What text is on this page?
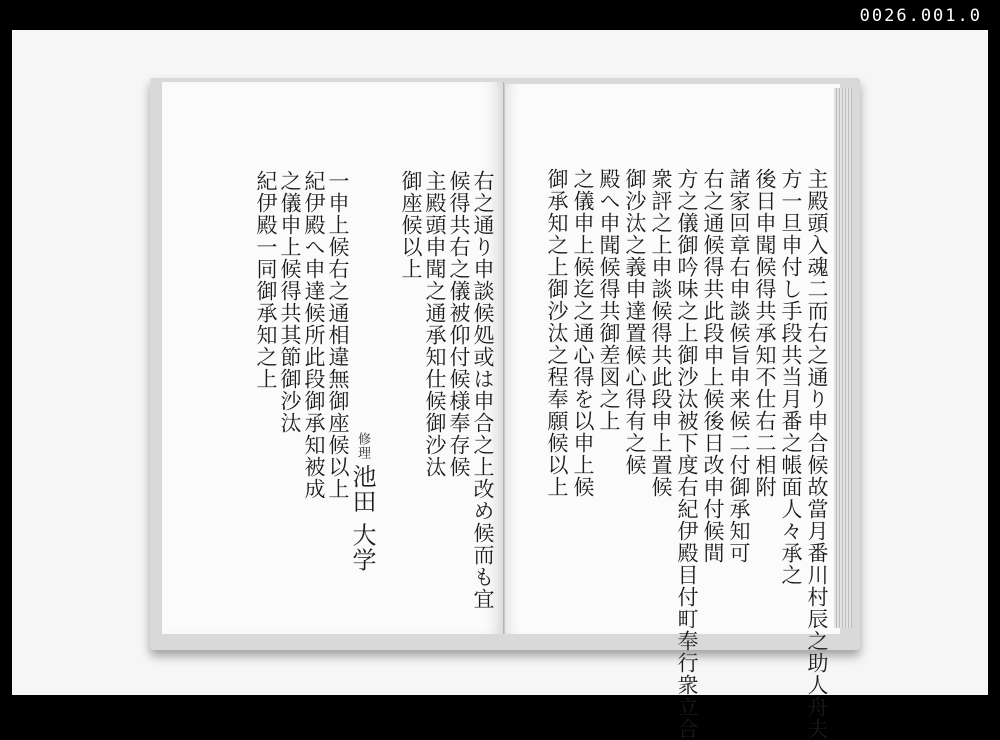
0026.001.0
主殿頭入魂二而右之通り申合候故當月番川村辰之助人舟夫
方一旦申付し手段共当月番之帳面人々承之
後日申聞候得共承知不仕右二相附
諸家回章右申談候旨申来候二付御承知可
右之通候得共此段申上候後日改申付候間
方之儀御吟味之上御沙汰被下度右紀伊殿目付町奉行衆立合
衆評之上申談候得共此段申上置候
御沙汰之義申達置候心得有之候
殿へ申聞候得共御差図之上
之儀申上候迄之通心得を以申上候
御承知之上御沙汰之程奉願候以上
右之通り申談候処或は申合之上改め候而も宜
候得共右之儀被仰付候様奉存候
主殿頭申聞之通承知仕候御沙汰
御座候以上
修理池田 大学
一申上候右之通相違無御座候以上
紀伊殿へ申達候所此段御承知被成
之儀申上候得共其節御沙汰
紀伊殿一同御承知之上
